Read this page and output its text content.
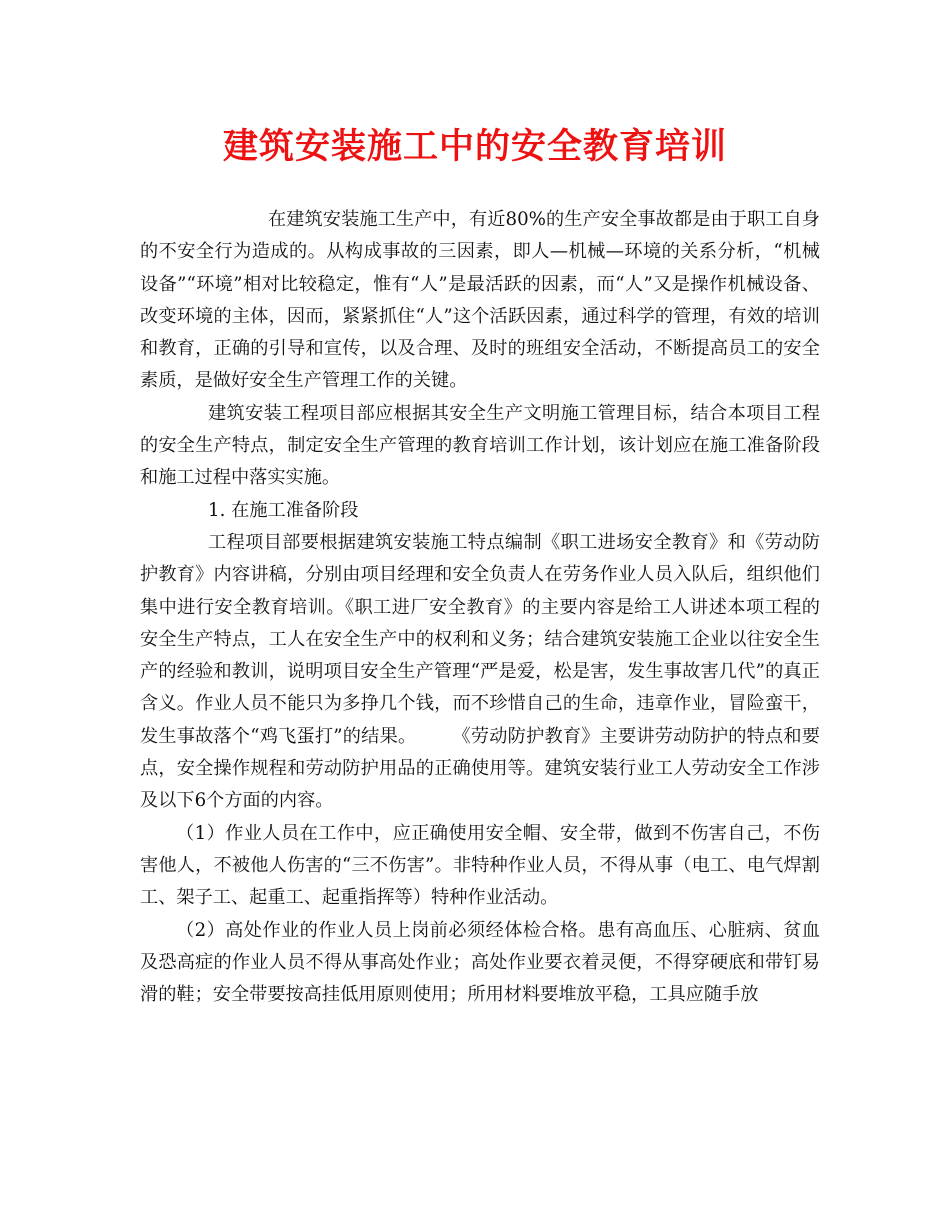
建筑安装施工中的安全教育培训

在建筑安装施工生产中，有近80%的生产安全事故都是由于职工自身的不安全行为造成的。从构成事故的三因素，即人—机械—环境的关系分析，“机械设备”“环境”相对比较稳定，惟有“人”是最活跃的因素，而“人”又是操作机械设备、改变环境的主体，因而，紧紧抓住“人”这个活跃因素，通过科学的管理，有效的培训和教育，正确的引导和宣传，以及合理、及时的班组安全活动，不断提高员工的安全素质，是做好安全生产管理工作的关键。

建筑安装工程项目部应根据其安全生产文明施工管理目标，结合本项目工程的安全生产特点，制定安全生产管理的教育培训工作计划，该计划应在施工准备阶段和施工过程中落实实施。

1. 在施工准备阶段

工程项目部要根据建筑安装施工特点编制《职工进场安全教育》和《劳动防护教育》内容讲稿，分别由项目经理和安全负责人在劳务作业人员入队后，组织他们集中进行安全教育培训。《职工进厂安全教育》的主要内容是给工人讲述本项工程的安全生产特点，工人在安全生产中的权利和义务；结合建筑安装施工企业以往安全生产的经验和教训，说明项目安全生产管理“严是爱，松是害，发生事故害几代”的真正含义。作业人员不能只为多挣几个钱，而不珍惜自己的生命，违章作业，冒险蛮干，发生事故落个“鸡飞蛋打”的结果。 《劳动防护教育》主要讲劳动防护的特点和要点，安全操作规程和劳动防护用品的正确使用等。建筑安装行业工人劳动安全工作涉及以下6个方面的内容。

（1）作业人员在工作中，应正确使用安全帽、安全带，做到不伤害自己，不伤害他人，不被他人伤害的“三不伤害”。非特种作业人员，不得从事（电工、电气焊割工、架子工、起重工、起重指挥等）特种作业活动。

（2）高处作业的作业人员上岗前必须经体检合格。患有高血压、心脏病、贫血及恐高症的作业人员不得从事高处作业；高处作业要衣着灵便，不得穿硬底和带钉易滑的鞋；安全带要按高挂低用原则使用；所用材料要堆放平稳，工具应随手放
